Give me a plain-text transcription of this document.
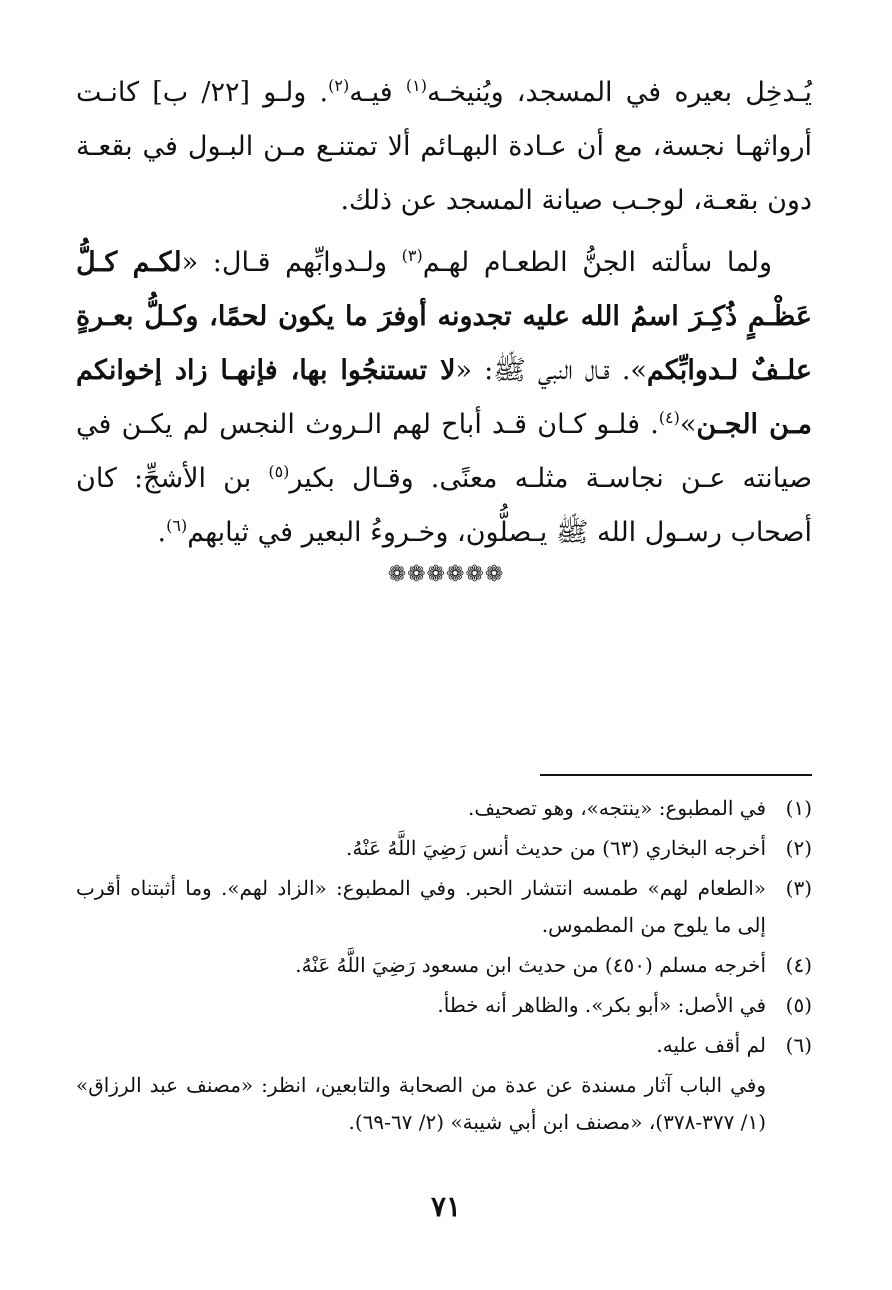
يُـدخِل بعيره في المسجد، ويُنيخـه$^{(١)}$ فيـه$^{(٢)}$. ولـو [٢٢/ ب] كانـت أرواثهـا نجسة، مع أن عـادة البهـائم ألا تمتنـع مـن البـول في بقعـة دون بقعـة، لوجـب صيانة المسجد عن ذلك.

ولما سألته الجنُّ الطعـام لهـم$^{(٣)}$ ولـدوابِّهم قـال: «لكـم كـلُّ عَظْـمٍ ذُكِـرَ اسمُ الله عليه تجدونه أوفرَ ما يكون لحمًا، وكـلُّ بعـرةٍ علـفٌ لـدوابِّكم». قـال النبي ﷺ: «لا تستنجُوا بها، فإنهـا زاد إخوانكم مـن الجـن»$^{(٤)}$. فلـو كـان قـد أباح لهم الـروث النجس لم يكـن في صيانته عـن نجاسـة مثلـه معنًى. وقـال بكير$^{(٥)}$ بن الأشجِّ: كان أصحاب رسـول الله ﷺ يـصلُّون، وخـروءُ البعير في ثيابهم$^{(٦)}$.

❁❁❁❁❁❁
(١)
في المطبوع: «ينتجه»، وهو تصحيف.
(٢)
أخرجه البخاري (٦٣) من حديث أنس رَضِيَ اللَّهُ عَنْهُ.
(٣)
«الطعام لهم» طمسه انتشار الحبر. وفي المطبوع: «الزاد لهم». وما أثبتناه أقرب إلى ما يلوح من المطموس.
(٤)
أخرجه مسلم (٤٥٠) من حديث ابن مسعود رَضِيَ اللَّهُ عَنْهُ.
(٥)
في الأصل: «أبو بكر». والظاهر أنه خطأ.
(٦)
لم أقف عليه.
وفي الباب آثار مسندة عن عدة من الصحابة والتابعين، انظر: «مصنف عبد الرزاق» (١/ ٣٧٧-٣٧٨)، «مصنف ابن أبي شيبة» (٢/ ٦٧-٦٩).
٧١
